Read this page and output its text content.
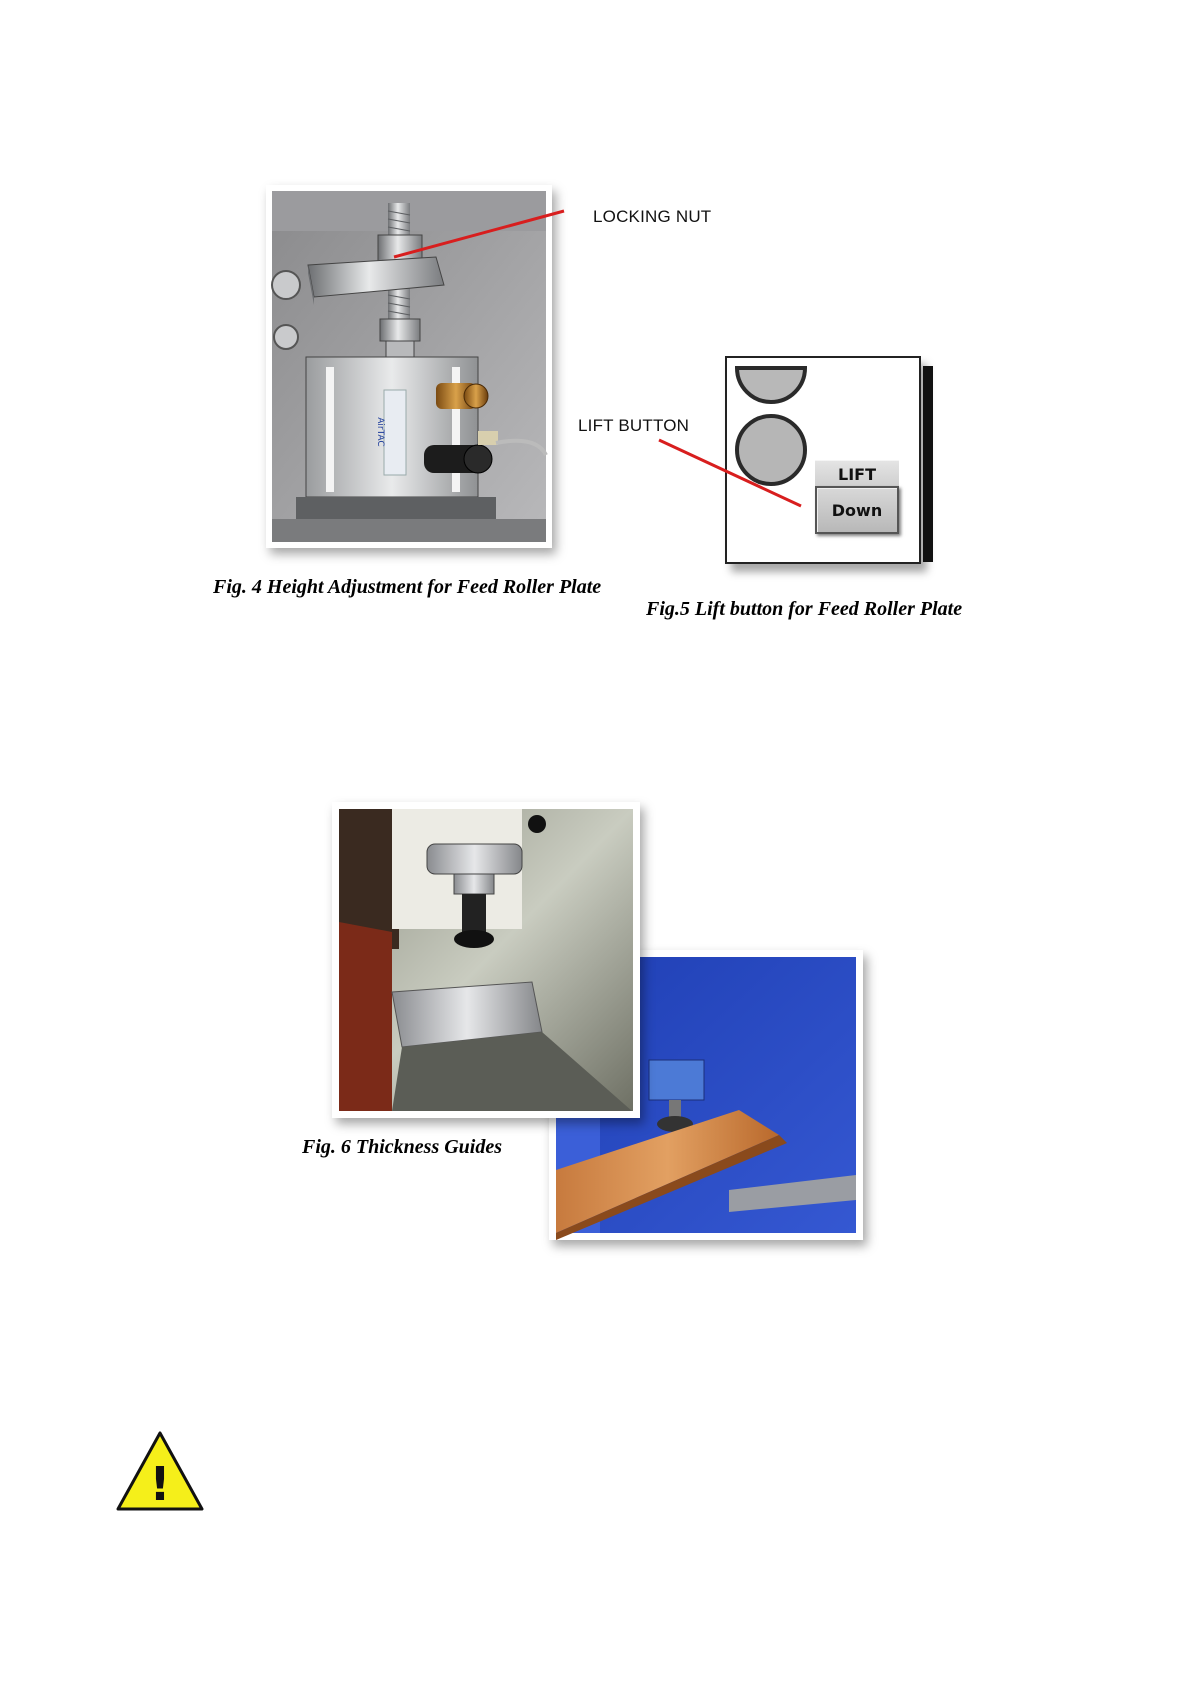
AirTAC
LOCKING NUT
Fig. 4 Height Adjustment for Feed Roller Plate
LIFT
Down
LIFT BUTTON
Fig.5 Lift button for Feed Roller Plate
Fig. 6 Thickness Guides
!
